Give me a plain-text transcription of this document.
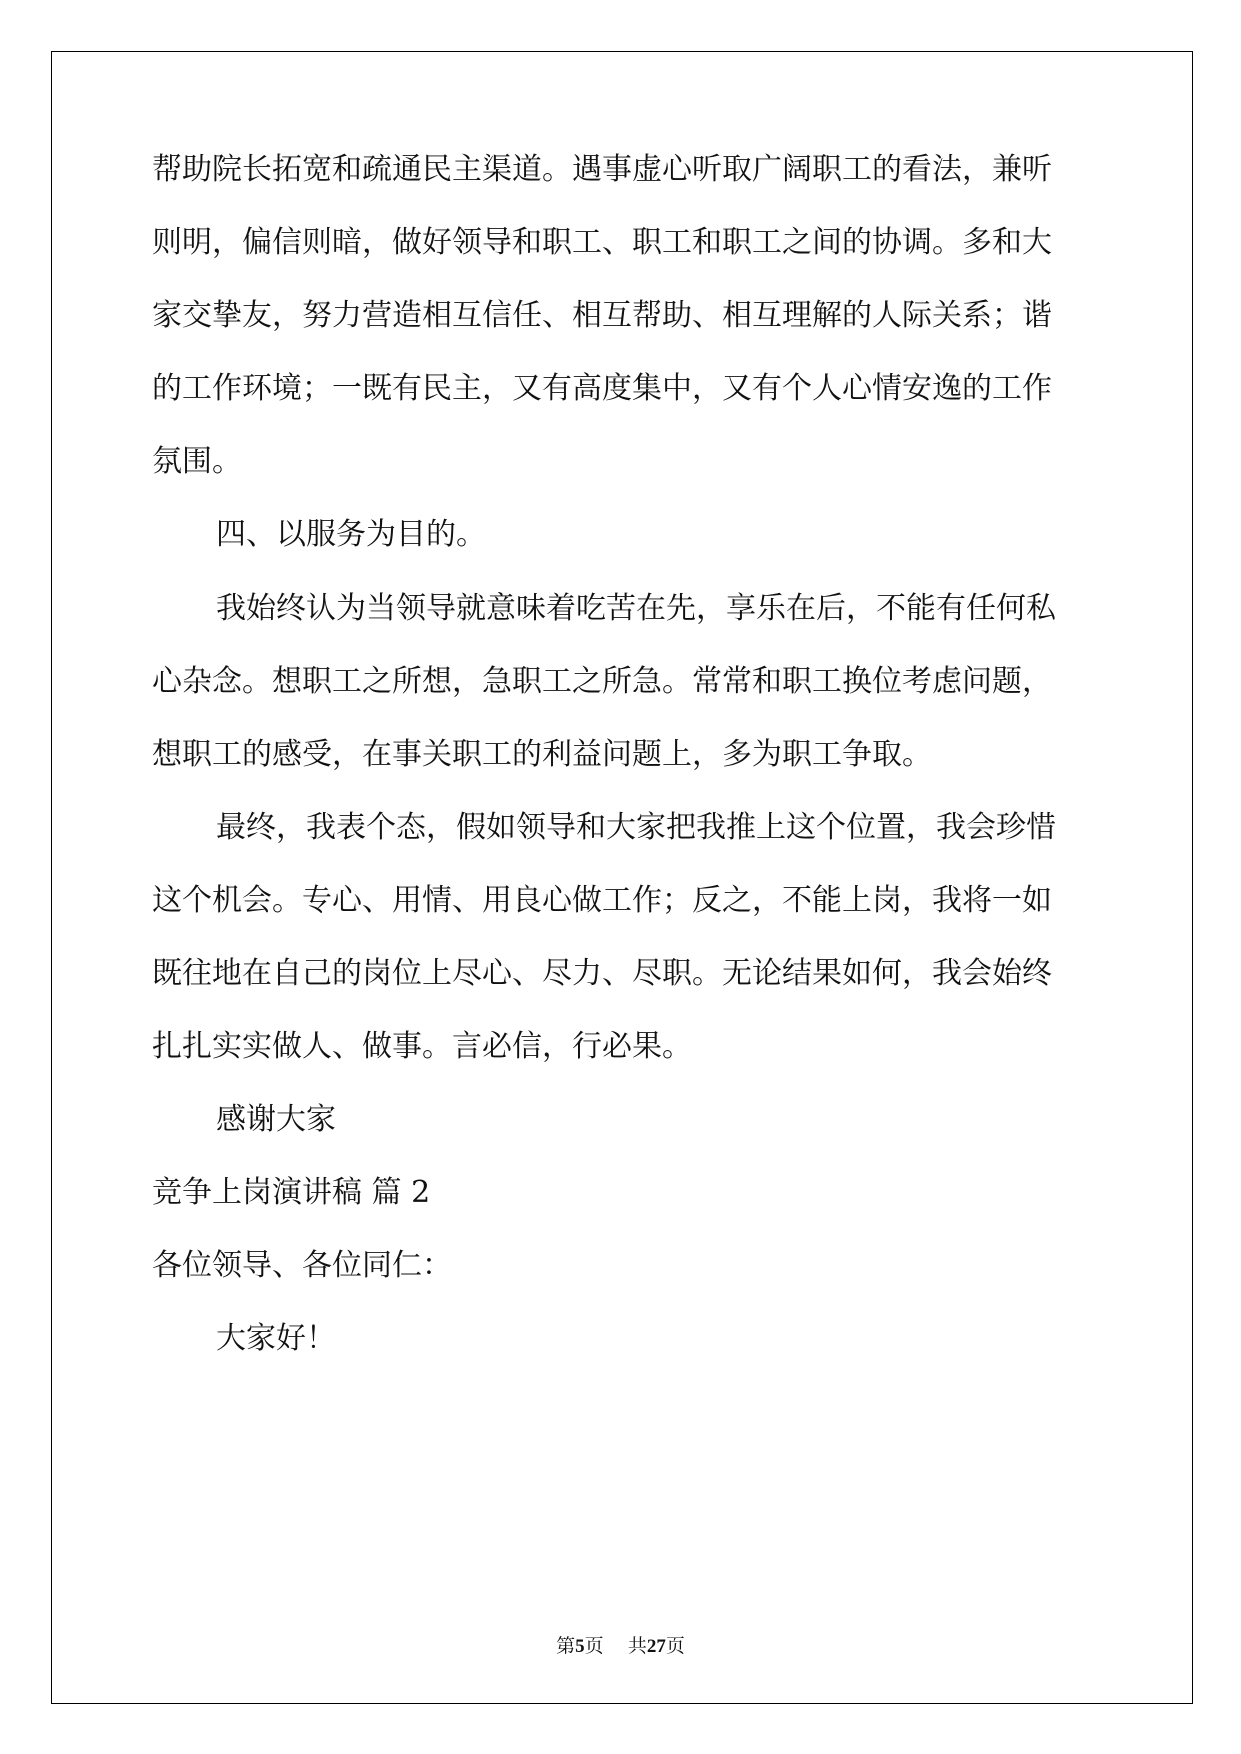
帮助院长拓宽和疏通民主渠道。遇事虚心听取广阔职工的看法，兼听

则明，偏信则暗，做好领导和职工、职工和职工之间的协调。多和大

家交挚友，努力营造相互信任、相互帮助、相互理解的人际关系；谐

的工作环境；一既有民主，又有高度集中，又有个人心情安逸的工作

氛围。

四、以服务为目的。

我始终认为当领导就意味着吃苦在先，享乐在后，不能有任何私

心杂念。想职工之所想，急职工之所急。常常和职工换位考虑问题，

想职工的感受，在事关职工的利益问题上，多为职工争取。

最终，我表个态，假如领导和大家把我推上这个位置，我会珍惜

这个机会。专心、用情、用良心做工作；反之，不能上岗，我将一如

既往地在自己的岗位上尽心、尽力、尽职。无论结果如何，我会始终

扎扎实实做人、做事。言必信，行必果。

感谢大家

竞争上岗演讲稿 篇 2

各位领导、各位同仁：

大家好！

第5页 共27页
